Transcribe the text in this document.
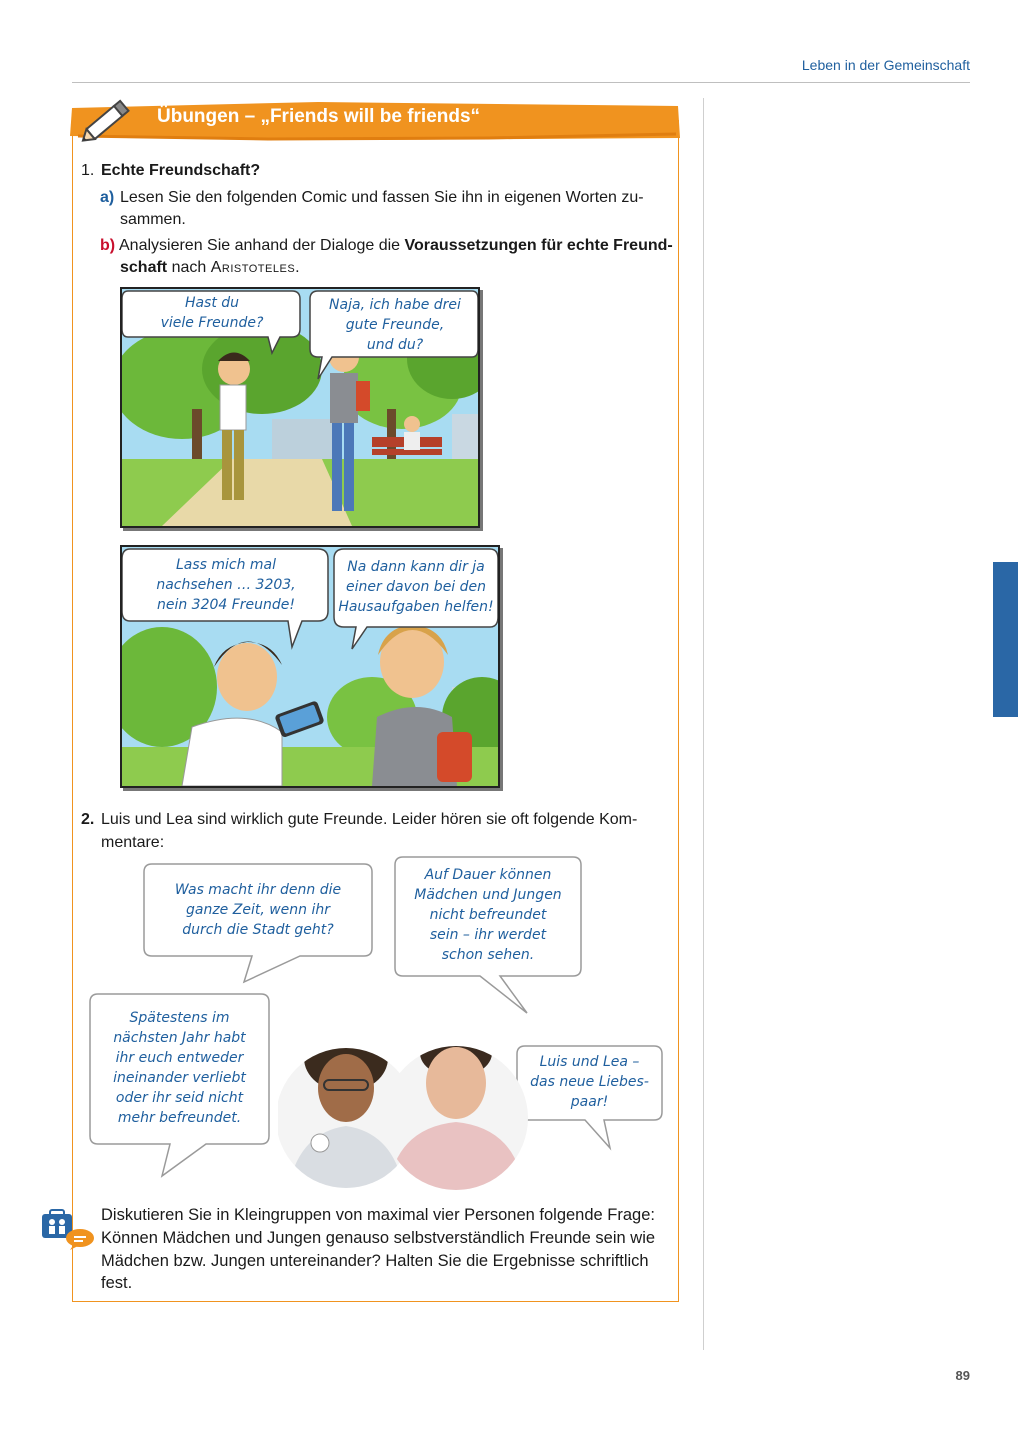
Leben in der Gemeinschaft
89
Übungen – „Friends will be friends“
1. Echte Freundschaft?
a) Lesen Sie den folgenden Comic und fassen Sie ihn in eigenen Worten zu-
sammen.
b) Analysieren Sie anhand der Dialoge die Voraussetzungen für echte Freund-
schaft nach Aristoteles.
Hast du
viele Freunde?
Naja, ich habe drei
gute Freunde,
und du?
Lass mich mal
nachsehen … 3203,
nein 3204 Freunde!
Na dann kann dir ja
einer davon bei den
Hausaufgaben helfen!
2. Luis und Lea sind wirklich gute Freunde. Leider hören sie oft folgende Kom-
mentare:
Was macht ihr denn die
ganze Zeit, wenn ihr
durch die Stadt geht?
Auf Dauer können
Mädchen und Jungen
nicht befreundet
sein – ihr werdet
schon sehen.
Spätestens im
nächsten Jahr habt
ihr euch entweder
ineinander verliebt
oder ihr seid nicht
mehr befreundet.
Luis und Lea –
das neue Liebes-
paar!
Diskutieren Sie in Kleingruppen von maximal vier Personen folgende Frage:
Können Mädchen und Jungen genauso selbstverständlich Freunde sein wie
Mädchen bzw. Jungen untereinander? Halten Sie die Ergebnisse schriftlich
fest.
